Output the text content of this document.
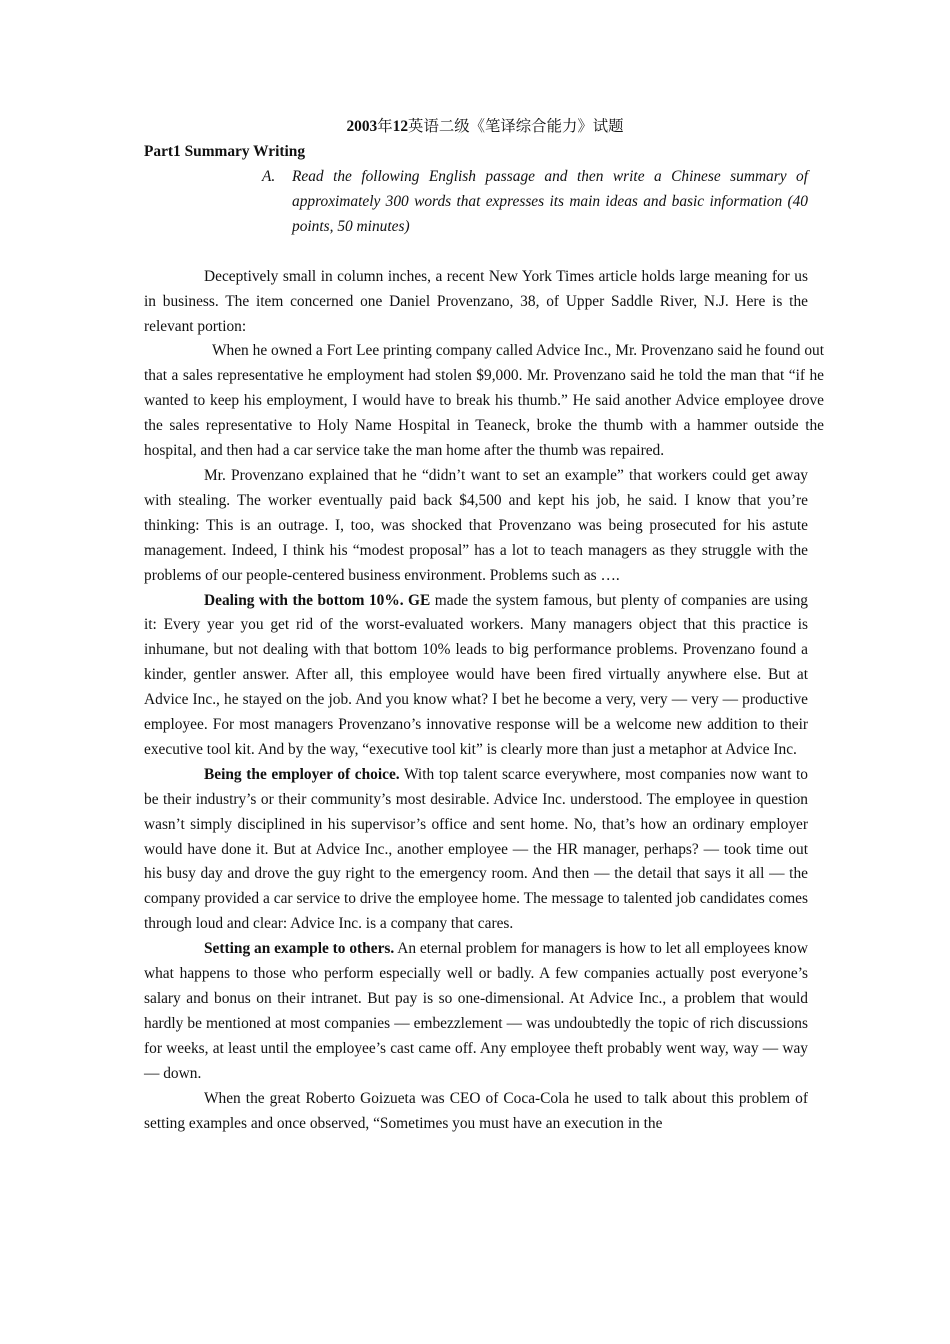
2003年12英语二级《笔译综合能力》试题
Part1 Summary Writing
A.	Read the following English passage and then write a Chinese summary of approximately 300 words that expresses its main ideas and basic information (40 points, 50 minutes)

Deceptively small in column inches, a recent New York Times article holds large meaning for us in business. The item concerned one Daniel Provenzano, 38, of Upper Saddle River, N.J. Here is the relevant portion:

When he owned a Fort Lee printing company called Advice Inc., Mr. Provenzano said he found out that a sales representative he employment had stolen $9,000. Mr. Provenzano said he told the man that “if he wanted to keep his employment, I would have to break his thumb.” He said another Advice employee drove the sales representative to Holy Name Hospital in Teaneck, broke the thumb with a hammer outside the hospital, and then had a car service take the man home after the thumb was repaired.

Mr. Provenzano explained that he “didn’t want to set an example” that workers could get away with stealing. The worker eventually paid back $4,500 and kept his job, he said. I know that you’re thinking: This is an outrage. I, too, was shocked that Provenzano was being prosecuted for his astute management. Indeed, I think his “modest proposal” has a lot to teach managers as they struggle with the problems of our people-centered business environment. Problems such as ….

Dealing with the bottom 10%. GE made the system famous, but plenty of companies are using it: Every year you get rid of the worst-evaluated workers. Many managers object that this practice is inhumane, but not dealing with that bottom 10% leads to big performance problems. Provenzano found a kinder, gentler answer. After all, this employee would have been fired virtually anywhere else. But at Advice Inc., he stayed on the job. And you know what? I bet he become a very, very — very — productive employee. For most managers Provenzano’s innovative response will be a welcome new addition to their executive tool kit. And by the way, “executive tool kit” is clearly more than just a metaphor at Advice Inc.

Being the employer of choice. With top talent scarce everywhere, most companies now want to be their industry’s or their community’s most desirable. Advice Inc. understood. The employee in question wasn’t simply disciplined in his supervisor’s office and sent home. No, that’s how an ordinary employer would have done it. But at Advice Inc., another employee — the HR manager, perhaps? — took time out his busy day and drove the guy right to the emergency room. And then — the detail that says it all — the company provided a car service to drive the employee home. The message to talented job candidates comes through loud and clear: Advice Inc. is a company that cares.

Setting an example to others. An eternal problem for managers is how to let all employees know what happens to those who perform especially well or badly. A few companies actually post everyone’s salary and bonus on their intranet. But pay is so one-dimensional. At Advice Inc., a problem that would hardly be mentioned at most companies — embezzlement — was undoubtedly the topic of rich discussions for weeks, at least until the employee’s cast came off. Any employee theft probably went way, way — way — down.

When the great Roberto Goizueta was CEO of Coca-Cola he used to talk about this problem of setting examples and once observed, “Sometimes you must have an execution in the
